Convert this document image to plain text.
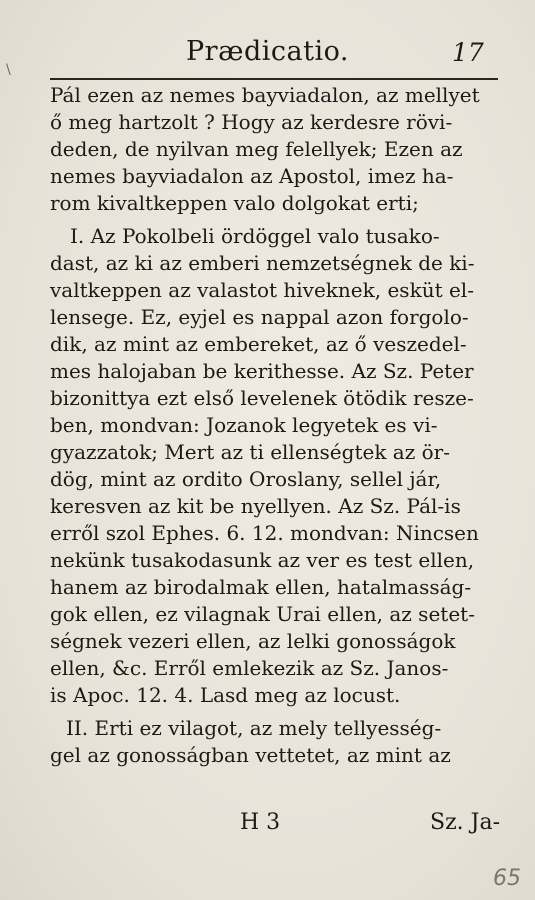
\
Prædicatio.	17
Pál ezen az nemes bayviadalon, az mellyet
ő meg hartzolt ? Hogy az kerdesre rövi-
deden, de nyilvan meg felellyek; Ezen az
nemes bayviadalon az Apostol, imez ha-
rom kivaltkeppen valo dolgokat erti;
I. Az Pokolbeli ördöggel valo tusako-
dast, az ki az emberi nemzetségnek de ki-
valtkeppen az valastot hiveknek, esküt el-
lensege. Ez, eyjel es nappal azon forgolo-
dik, az mint az embereket, az ő veszedel-
mes halojaban be kerithesse. Az Sz. Peter
bizonittya ezt első levelenek ötödik resze-
ben, mondvan: Jozanok legyetek es vi-
gyazzatok; Mert az ti ellenségtek az ör-
dög, mint az ordito Oroslany, sellel jár,
keresven az kit be nyellyen. Az Sz. Pál-is
erről szol Ephes. 6. 12. mondvan: Nincsen
nekünk tusakodasunk az ver es test ellen,
hanem az birodalmak ellen, hatalmasság-
gok ellen, ez vilagnak Urai ellen, az setet-
ségnek vezeri ellen, az lelki gonosságok
ellen, &c. Erről emlekezik az Sz. Janos-
is Apoc. 12. 4. Lasd meg az locust.
II. Erti ez vilagot, az mely tellyesség-
gel az gonosságban vettetet, az mint az
H 3	Sz. Ja-
65
